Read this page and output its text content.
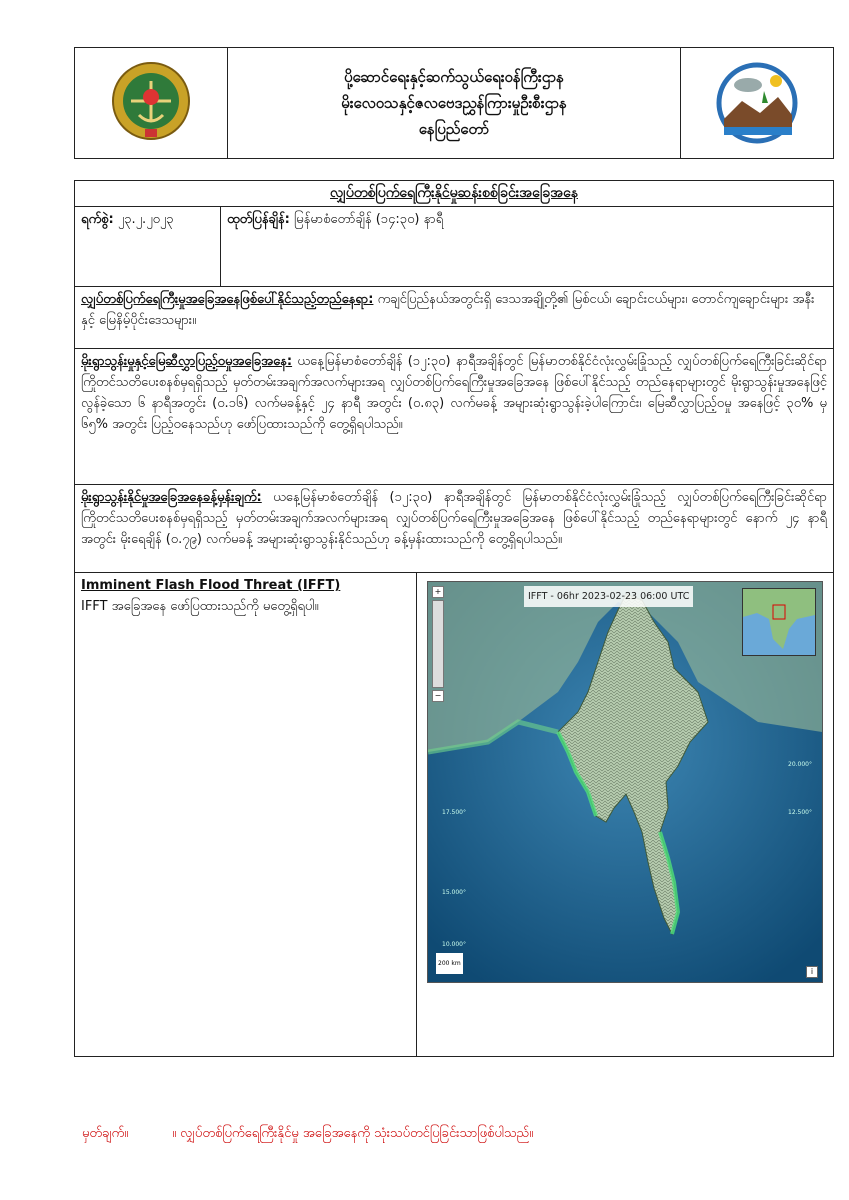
ပို့ဆောင်ရေးနှင့်ဆက်သွယ်ရေးဝန်ကြီးဌာန
မိုးလေဝသနှင့်ဇလဗေဒညွှန်ကြားမှုဦးစီးဌာန
နေပြည်တော်
လျှပ်တစ်ပြက်ရေကြီးနိုင်မှုဆန်းစစ်ခြင်းအခြေအနေ
ရက်စွဲ: ၂၃.၂.၂၀၂၃	ထုတ်ပြန်ချိန်: မြန်မာစံတော်ချိန် (၁၄:၃၀) နာရီ
လျှပ်တစ်ပြက်ရေကြီးမှုအခြေအနေဖြစ်ပေါ်နိုင်သည့်တည်နေရာ: ကချင်ပြည်နယ်အတွင်းရှိ ဒေသအချို့တို့၏ မြစ်ငယ်၊ ချောင်းငယ်များ၊ တောင်ကျချောင်းများ အနီးနှင့် မြေနိမ့်ပိုင်းဒေသများ။
မိုးရွာသွန်းမှုနှင့်မြေဆီလွှာပြည့်ဝမှုအခြေအနေ: ယနေ့မြန်မာစံတော်ချိန် (၁၂:၃၀) နာရီအချိန်တွင် မြန်မာတစ်နိုင်ငံလုံးလွှမ်းခြုံသည့် လျှပ်တစ်ပြက်ရေကြီးခြင်းဆိုင်ရာ ကြိုတင်သတိပေးစနစ်မှရရှိသည့် မှတ်တမ်းအချက်အလက်များအရ လျှပ်တစ်ပြက်ရေကြီးမှုအခြေအနေ ဖြစ်ပေါ်နိုင်သည့် တည်နေရာများတွင် မိုးရွာသွန်းမှုအနေဖြင့် လွန်ခဲ့သော ၆ နာရီအတွင်း (၀.၁၆) လက်မခန့်နှင့် ၂၄ နာရီ အတွင်း (၀.၈၃) လက်မခန့် အများဆုံးရွာသွန်းခဲ့ပါကြောင်း၊ မြေဆီလွှာပြည့်ဝမှု အနေဖြင့် ၃၀% မှ ၆၅% အတွင်း ပြည့်ဝနေသည်ဟု ဖော်ပြထားသည်ကို တွေ့ရှိရပါသည်။
မိုးရွာသွန်းနိုင်မှုအခြေအနေခန့်မှန်းချက်: ယနေ့မြန်မာစံတော်ချိန် (၁၂:၃၀) နာရီအချိန်တွင် မြန်မာတစ်နိုင်ငံလုံးလွှမ်းခြုံသည့် လျှပ်တစ်ပြက်ရေကြီးခြင်းဆိုင်ရာ ကြိုတင်သတိပေးစနစ်မှရရှိသည့် မှတ်တမ်းအချက်အလက်များအရ လျှပ်တစ်ပြက်ရေကြီးမှုအခြေအနေ ဖြစ်ပေါ်နိုင်သည့် တည်နေရာများတွင် နောက် ၂၄ နာရီအတွင်း မိုးရေချိန် (၀.၇၉) လက်မခန့် အများဆုံးရွာသွန်းနိုင်သည်ဟု ခန့်မှန်းထားသည်ကို တွေ့ရှိရပါသည်။
Imminent Flash Flood Threat (IFFT)
IFFT အခြေအနေ ဖော်ပြထားသည်ကို မတွေ့ရှိရပါ။
IFFT - 06hr 2023-02-23 06:00 UTC
+
−
20.000°
17.500°
15.000°
12.500°
10.000°
200 km
i
မှတ်ချက်။	။ လျှပ်တစ်ပြက်ရေကြီးနိုင်မှု အခြေအနေကို သုံးသပ်တင်ပြခြင်းသာဖြစ်ပါသည်။
